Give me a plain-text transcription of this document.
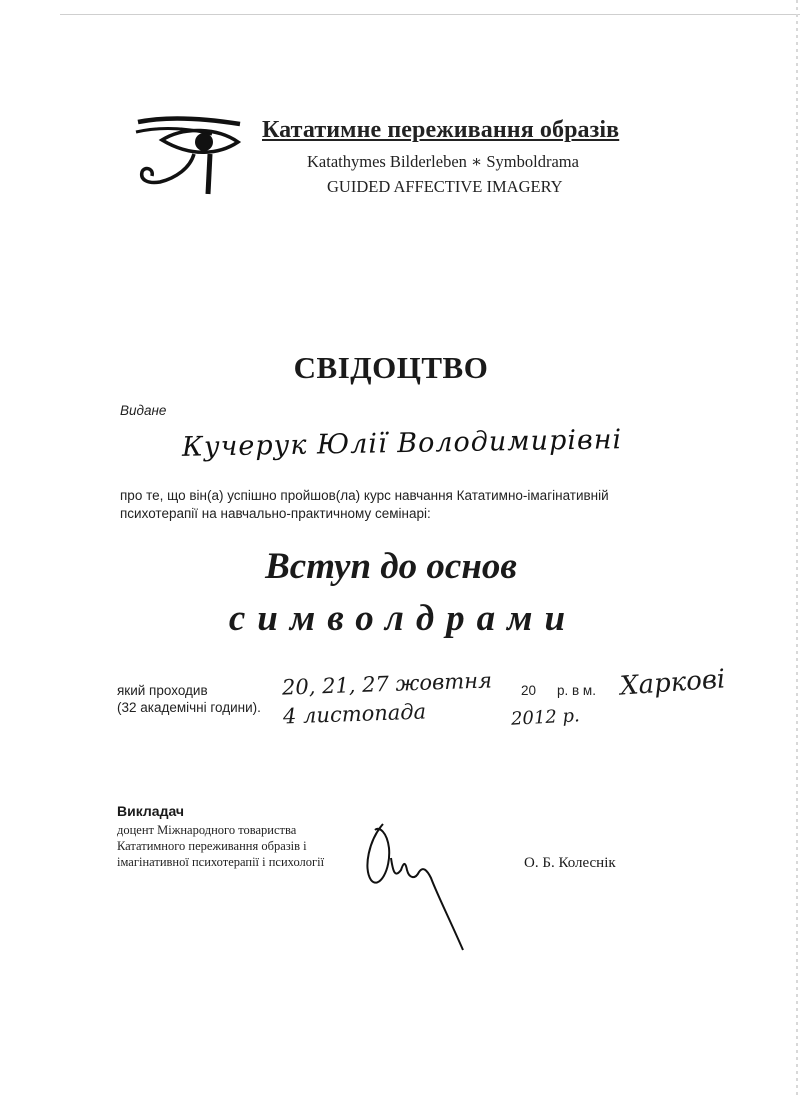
Кататимне переживання образів
Katathymes Bilderleben ∗ Symboldrama
GUIDED AFFECTIVE IMAGERY
СВІДОЦТВО
Видане
Кучерук Юлії Володимирівні
про те, що він(а) успішно пройшов(ла) курс навчання Кататимно-імагінативній
психотерапії на навчально-практичному семінарі:
Вступ до основ
символдрами
який проходив
(32 академічні години).
20, 21, 27 жовтня
4 листопада
20 р. в м.
2012 р.
Харкові
Викладач
доцент Міжнародного товариства
Кататимного переживання образів і
імагінативної психотерапії і психології	О. Б. Колеснік
